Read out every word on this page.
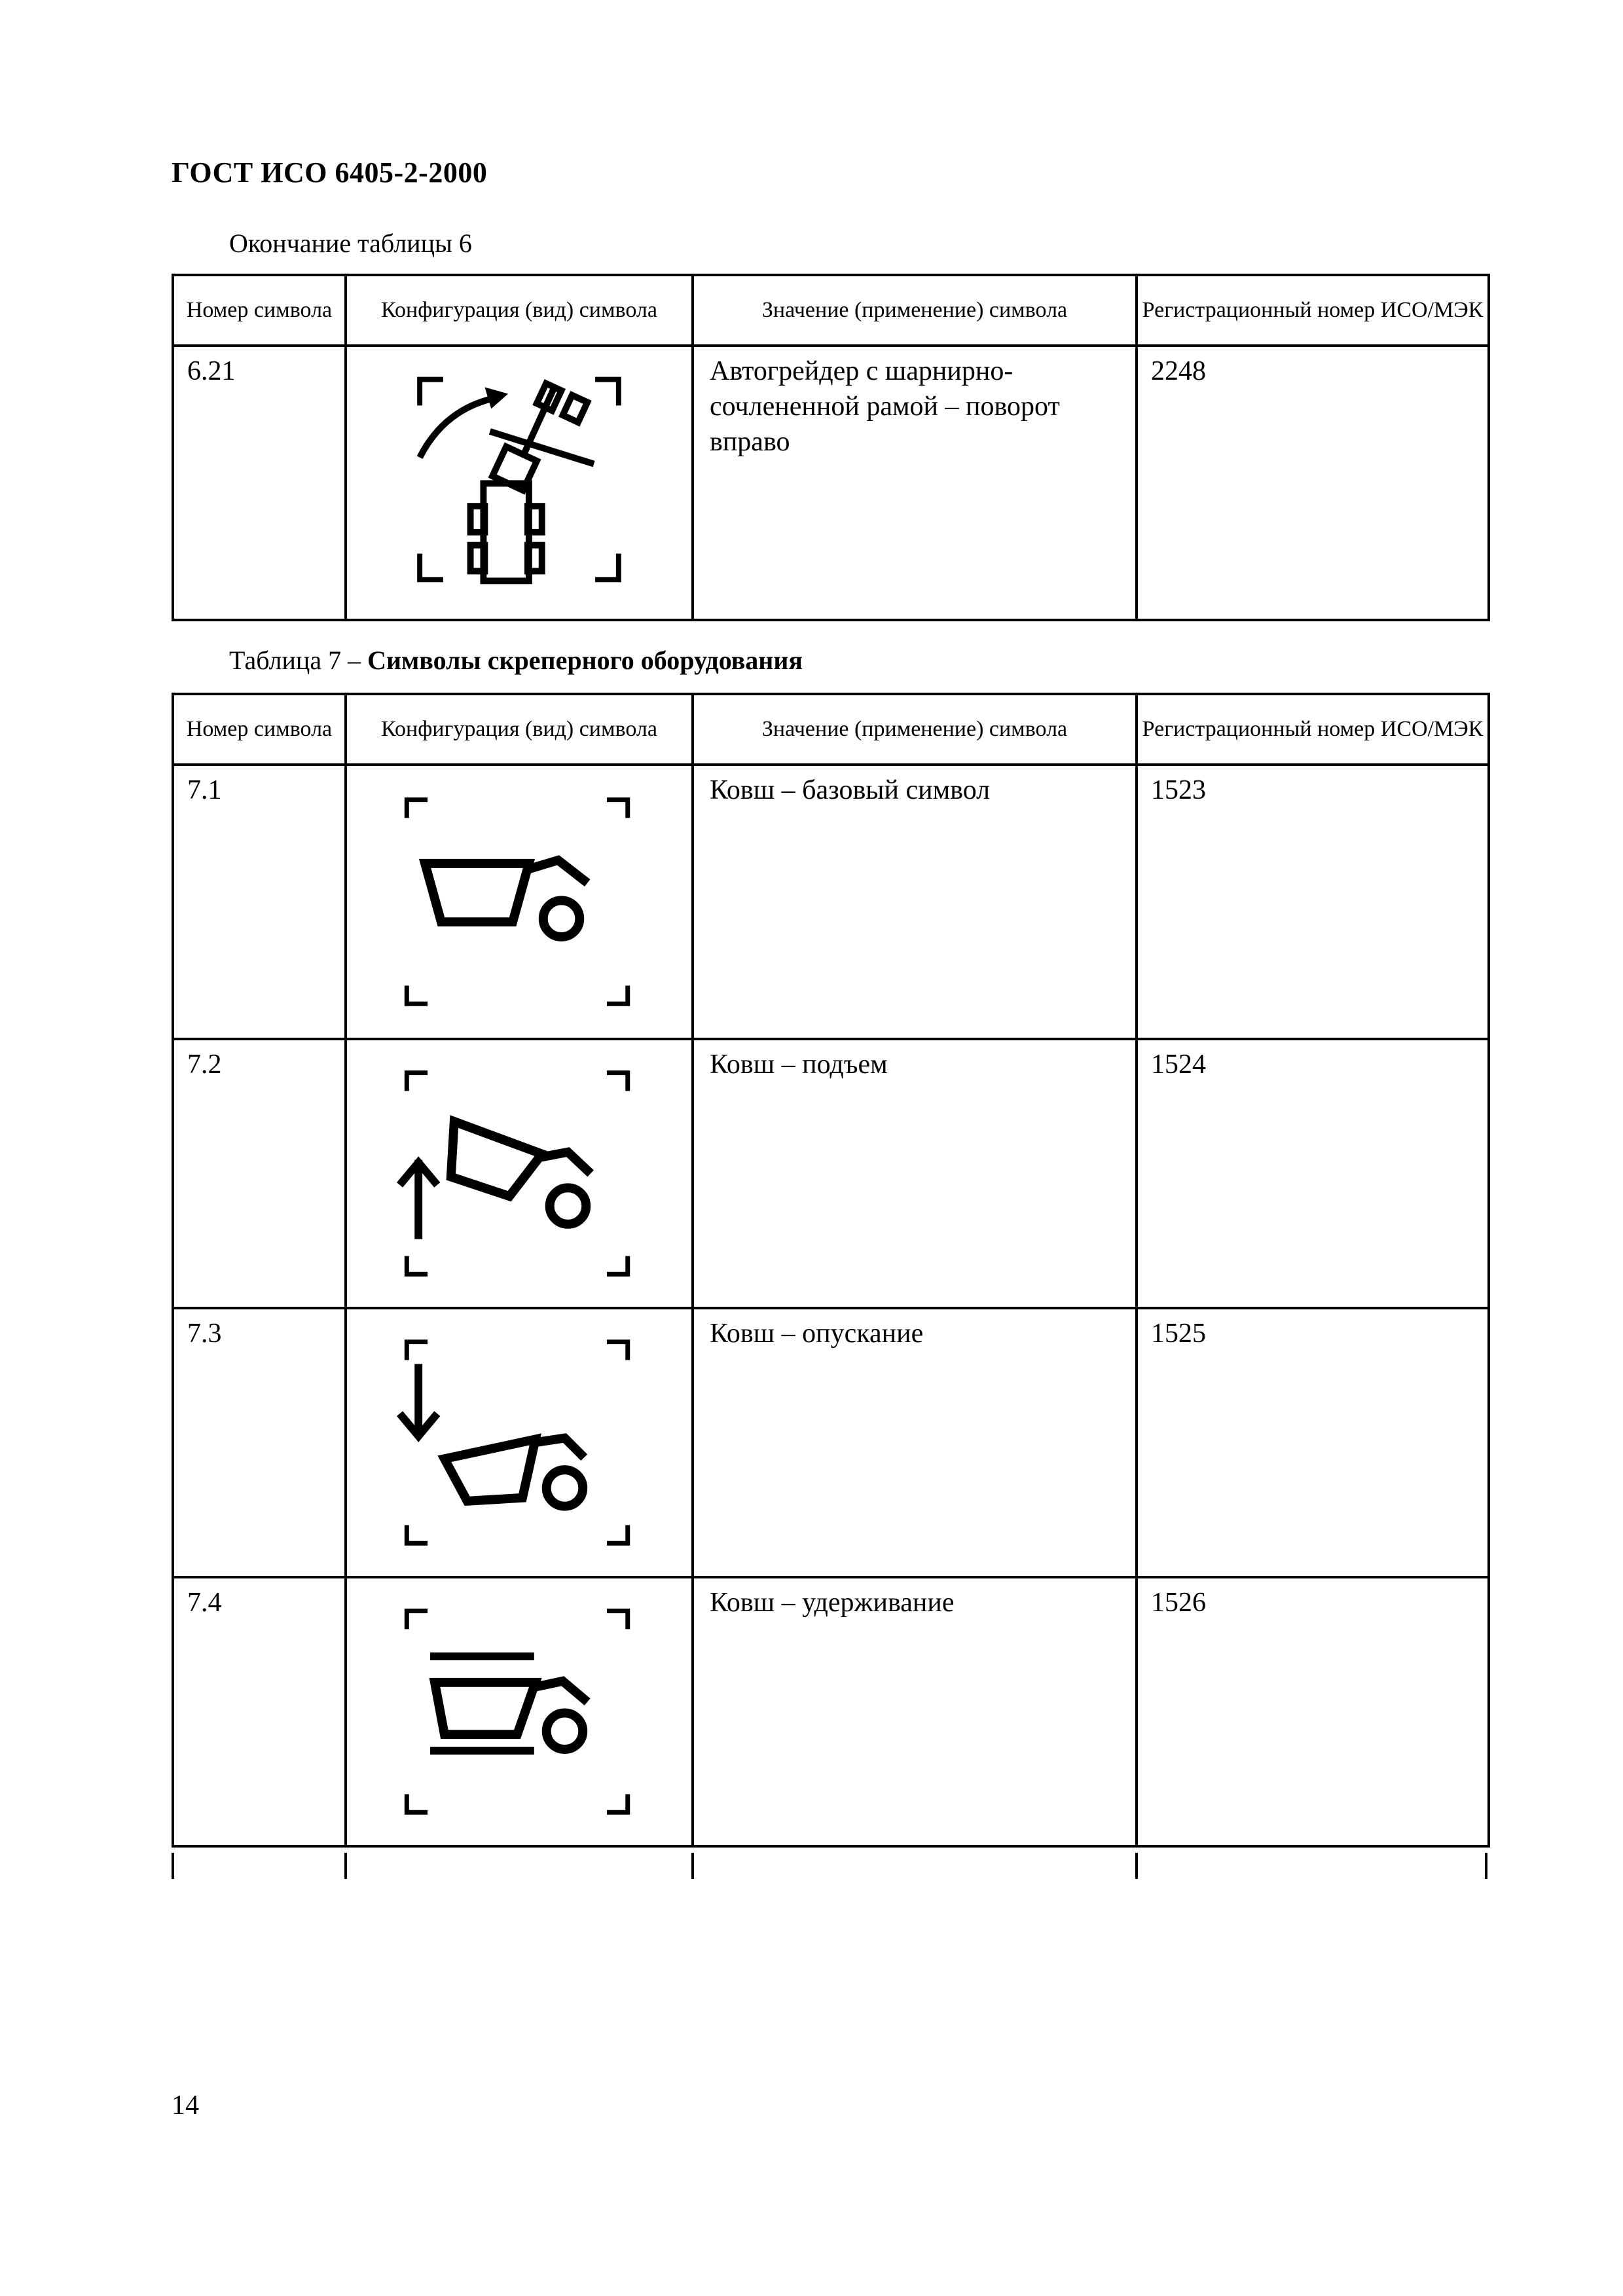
ГОСТ ИСО 6405-2-2000
Окончание таблицы 6
Номер символа	Конфигурация (вид) символа	Значение (применение) символа	Регистрационный номер ИСО/МЭК
6.21		Автогрейдер с шарнирно-сочлененной рамой – поворот вправо	2248
Таблица 7 – Символы скреперного оборудования
Номер символа	Конфигурация (вид) символа	Значение (применение) символа	Регистрационный номер ИСО/МЭК
7.1		Ковш – базовый символ	1523
7.2		Ковш – подъем	1524
7.3		Ковш – опускание	1525
7.4		Ковш – удерживание	1526
14
